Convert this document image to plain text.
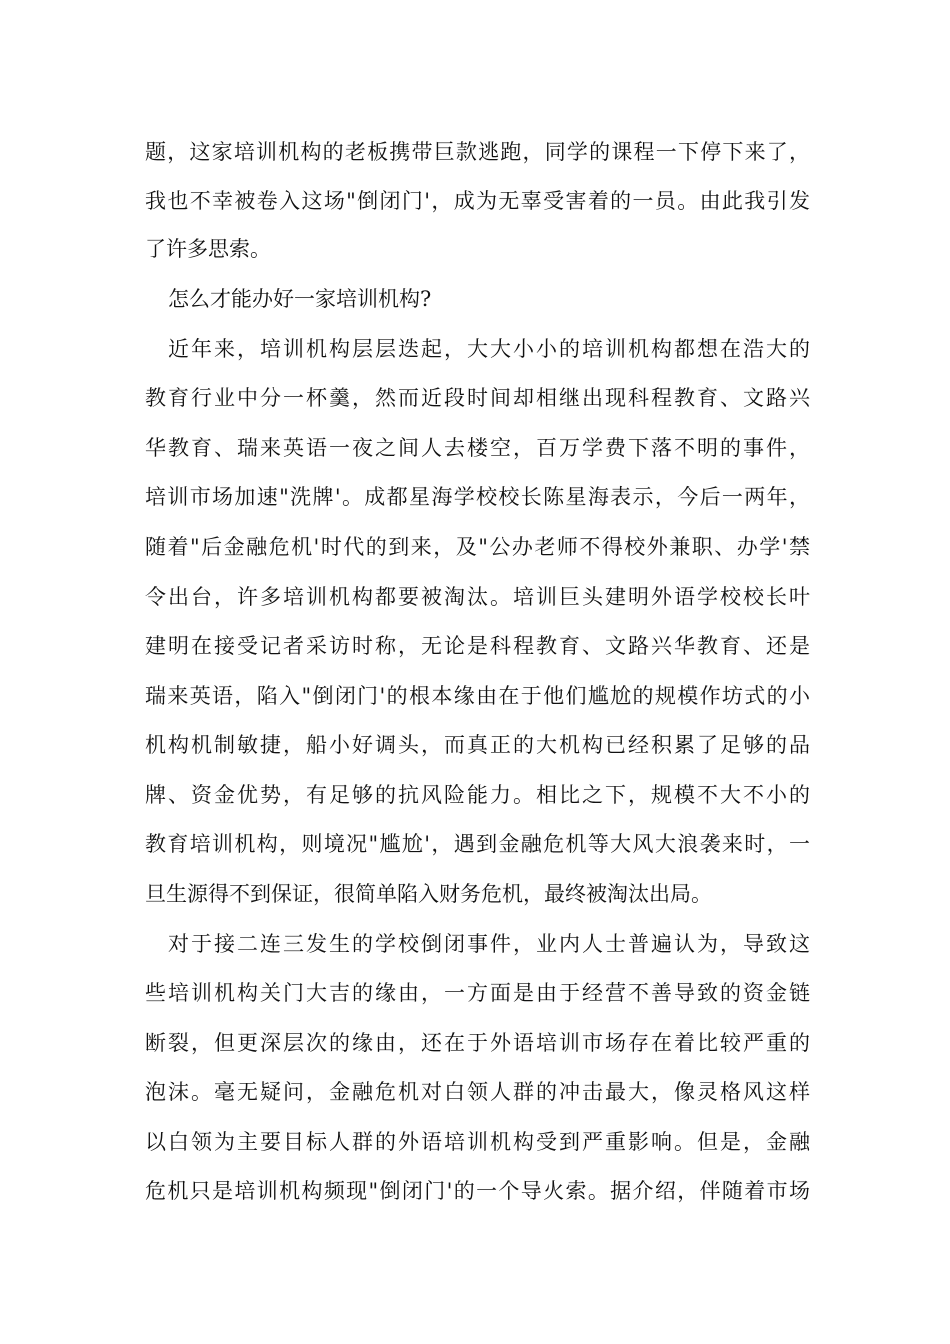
题，这家培训机构的老板携带巨款逃跑，同学的课程一下停下来了，
我也不幸被卷入这场"倒闭门'，成为无辜受害着的一员。由此我引发
了许多思索。
怎么才能办好一家培训机构?
近年来，培训机构层层迭起，大大小小的培训机构都想在浩大的
教育行业中分一杯羹，然而近段时间却相继出现科程教育、文路兴
华教育、瑞来英语一夜之间人去楼空，百万学费下落不明的事件，
培训市场加速"洗牌'。成都星海学校校长陈星海表示，今后一两年，
随着"后金融危机'时代的到来，及"公办老师不得校外兼职、办学'禁
令出台，许多培训机构都要被淘汰。培训巨头建明外语学校校长叶
建明在接受记者采访时称，无论是科程教育、文路兴华教育、还是
瑞来英语，陷入"倒闭门'的根本缘由在于他们尴尬的规模作坊式的小
机构机制敏捷，船小好调头，而真正的大机构已经积累了足够的品
牌、资金优势，有足够的抗风险能力。相比之下，规模不大不小的
教育培训机构，则境况"尴尬'，遇到金融危机等大风大浪袭来时，一
旦生源得不到保证，很简单陷入财务危机，最终被淘汰出局。
对于接二连三发生的学校倒闭事件，业内人士普遍认为，导致这
些培训机构关门大吉的缘由，一方面是由于经营不善导致的资金链
断裂，但更深层次的缘由，还在于外语培训市场存在着比较严重的
泡沫。毫无疑问，金融危机对白领人群的冲击最大，像灵格风这样
以白领为主要目标人群的外语培训机构受到严重影响。但是，金融
危机只是培训机构频现"倒闭门'的一个导火索。据介绍，伴随着市场
